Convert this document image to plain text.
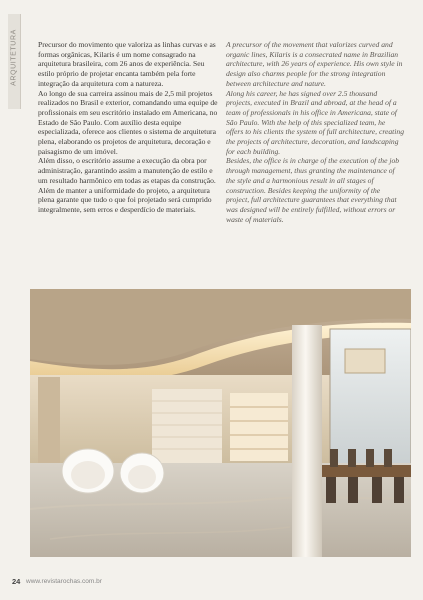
ARQUITETURA	Precursor do movimento que valoriza as linhas curvas e as formas orgânicas, Kilaris é um nome consagrado na arquitetura brasileira, com 26 anos de experiência. Seu estilo próprio de projetar encanta também pela forte integração da arquitetura com a natureza.

Ao longo de sua carreira assinou mais de 2,5 mil projetos realizados no Brasil e exterior, comandando uma equipe de profissionais em seu escritório instalado em Americana, no Estado de São Paulo. Com auxílio desta equipe especializada, oferece aos clientes o sistema de arquitetura plena, elaborando os projetos de arquitetura, decoração e paisagismo de um imóvel.

Além disso, o escritório assume a execução da obra por administração, garantindo assim a manutenção de estilo e um resultado harmônico em todas as etapas da construção. Além de manter a uniformidade do projeto, a arquitetura plena garante que tudo o que foi projetado será cumprido integralmente, sem erros e desperdício de materiais.

A precursor of the movement that valorizes curved and organic lines, Kilaris is a consecrated name in Brazilian architecture, with 26 years of experience. His own style in design also charms people for the strong integration between architecture and nature.

Along his career, he has signed over 2.5 thousand projects, executed in Brazil and abroad, at the head of a team of professionals in his office in Americana, state of São Paulo. With the help of this specialized team, he offers to his clients the system of full architecture, creating the projects of architecture, decoration, and landscaping for each building.

Besides, the office is in charge of the execution of the job through management, thus granting the maintenance of the style and a harmonious result in all stages of construction. Besides keeping the uniformity of the project, full architecture guarantees that everything that was designed will be entirely fulfilled, without errors or waste of materials.

24 www.revistarochas.com.br
